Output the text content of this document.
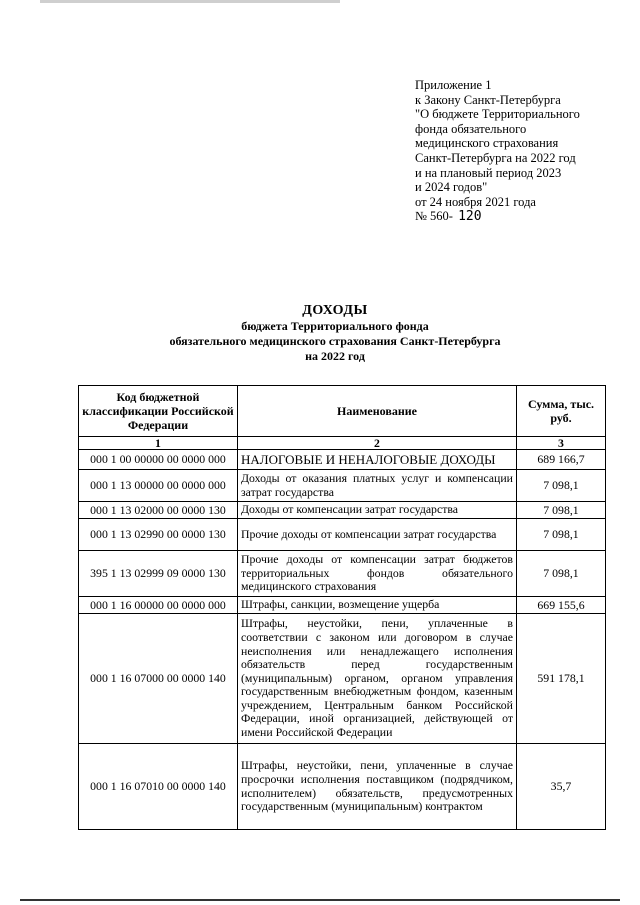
Приложение 1
к Закону Санкт-Петербурга
"О бюджете Территориального
фонда обязательного
медицинского страхования
Санкт-Петербурга на 2022 год
и на плановый период 2023
и 2024 годов"
от 24 ноября 2021 года
№ 560- 120
ДОХОДЫ
бюджета Территориального фонда
обязательного медицинского страхования Санкт-Петербурга
на 2022 год
Код бюджетной классификации Российской Федерации	Наименование	Сумма, тыс. руб.
1	2	3
000 1 00 00000 00 0000 000	НАЛОГОВЫЕ И НЕНАЛОГОВЫЕ ДОХОДЫ	689 166,7
000 1 13 00000 00 0000 000	Доходы от оказания платных услуг и компенсации затрат государства	7 098,1
000 1 13 02000 00 0000 130	Доходы от компенсации затрат государства	7 098,1
000 1 13 02990 00 0000 130	Прочие доходы от компенсации затрат государства	7 098,1
395 1 13 02999 09 0000 130	Прочие доходы от компенсации затрат бюджетов территориальных фондов обязательного медицинского страхования	7 098,1
000 1 16 00000 00 0000 000	Штрафы, санкции, возмещение ущерба	669 155,6
000 1 16 07000 00 0000 140	Штрафы, неустойки, пени, уплаченные в соответствии с законом или договором в случае неисполнения или ненадлежащего исполнения обязательств перед государственным (муниципальным) органом, органом управления государственным внебюджетным фондом, казенным учреждением, Центральным банком Российской Федерации, иной организацией, действующей от имени Российской Федерации	591 178,1
000 1 16 07010 00 0000 140	Штрафы, неустойки, пени, уплаченные в случае просрочки исполнения поставщиком (подрядчиком, исполнителем) обязательств, предусмотренных государственным (муниципальным) контрактом	35,7
